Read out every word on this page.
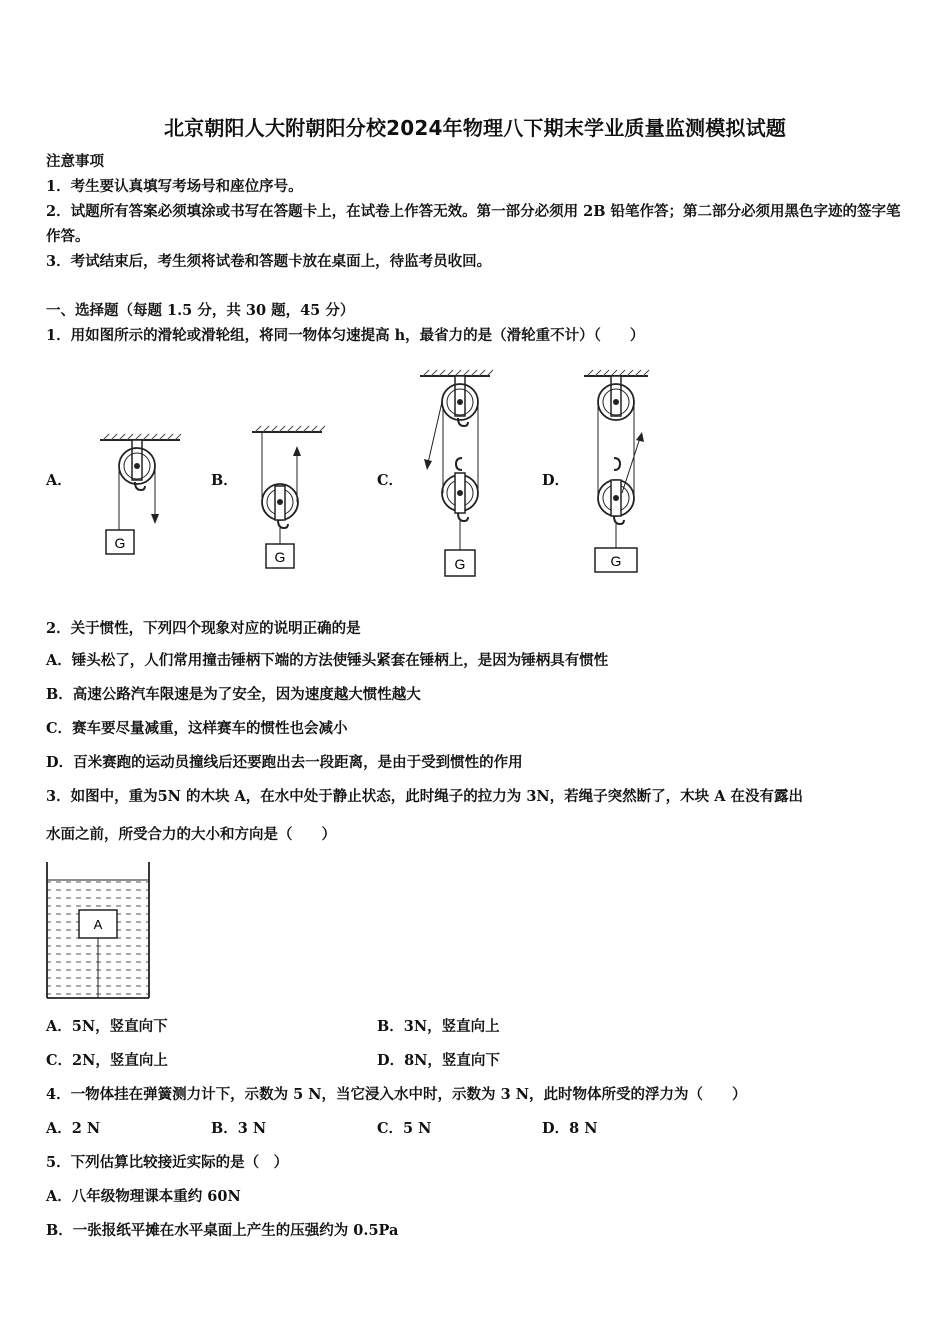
北京朝阳人大附朝阳分校2024年物理八下期末学业质量监测模拟试题
注意事项
1．考生要认真填写考场号和座位序号。
2．试题所有答案必须填涂或书写在答题卡上，在试卷上作答无效。第一部分必须用 2B 铅笔作答；第二部分必须用黑色字迹的签字笔作答。
3．考试结束后，考生须将试卷和答题卡放在桌面上，待监考员收回。
一、选择题（每题 1.5 分，共 30 题，45 分）
1．用如图所示的滑轮或滑轮组，将同一物体匀速提高 h，最省力的是（滑轮重不计）（　　）
A．	B．	C．	D．
G
G	G	G
2．关于惯性，下列四个现象对应的说明正确的是
A．锤头松了，人们常用撞击锤柄下端的方法使锤头紧套在锤柄上，是因为锤柄具有惯性
B．高速公路汽车限速是为了安全，因为速度越大惯性越大
C．赛车要尽量减重，这样赛车的惯性也会减小
D．百米赛跑的运动员撞线后还要跑出去一段距离，是由于受到惯性的作用
3．如图中，重为5N 的木块 A，在水中处于静止状态，此时绳子的拉力为 3N，若绳子突然断了，木块 A 在没有露出
水面之前，所受合力的大小和方向是（　　）
A
A．5N，竖直向下	B．3N，竖直向上
C．2N，竖直向上	D．8N，竖直向下
4．一物体挂在弹簧测力计下，示数为 5 N，当它浸入水中时，示数为 3 N，此时物体所受的浮力为（　　）
A．2 N	B．3 N	C．5 N	D．8 N
5．下列估算比较接近实际的是（　）
A．八年级物理课本重约 60N
B．一张报纸平摊在水平桌面上产生的压强约为 0.5Pa
